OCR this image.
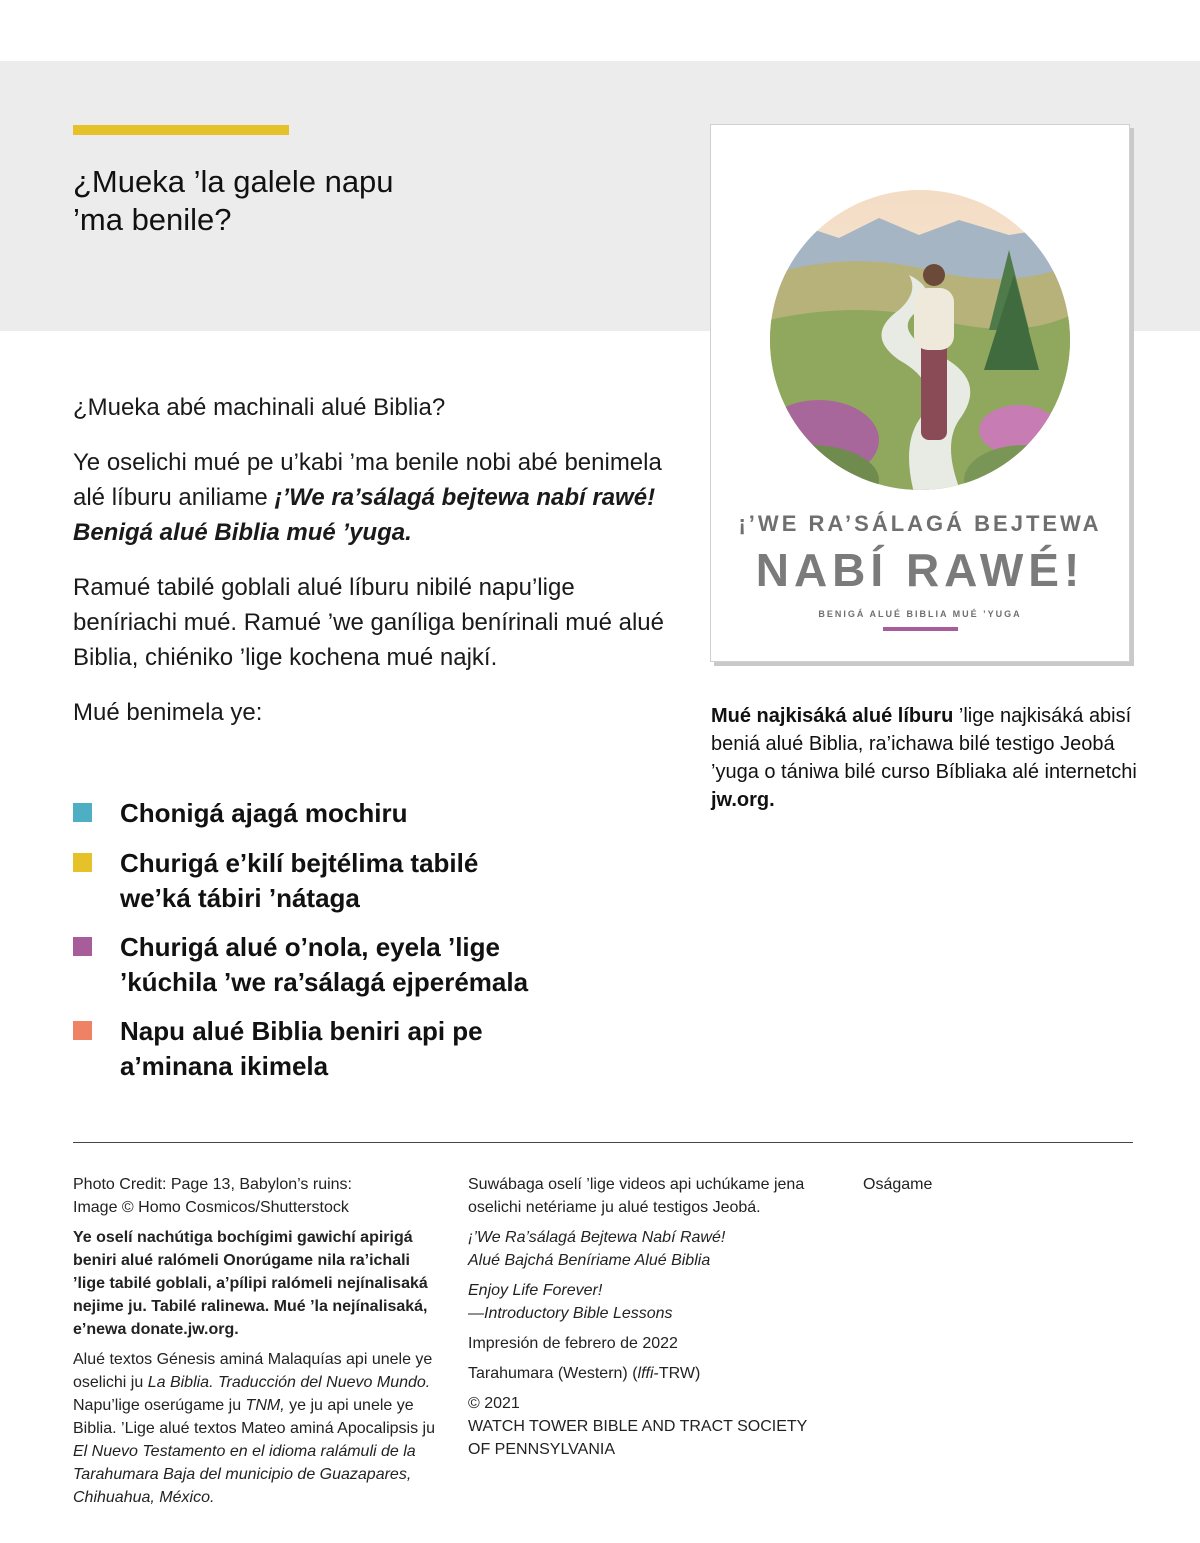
¿Mueka ’la galele napu
’ma benile?

¿Mueka abé machinali alué Biblia?

Ye oselichi mué pe u’kabi ’ma benile nobi abé benimela alé líburu aniliame ¡’We ra’sálagá bejtewa nabí rawé! Benigá alué Biblia mué ’yuga.

Ramué tabilé goblali alué líburu nibilé napu’lige beníriachi mué. Ramué ’we ganíliga benírinali mué alué Biblia, chiéniko ’lige kochena mué najkí.

Mué benimela ye:

Chonigá ajagá mochiru
Churigá e’kilí bejtélima tabilé
we’ká tábiri ’nátaga
Churigá alué o’nola, eyela ’lige
’kúchila ’we ra’sálagá ejperémala
Napu alué Biblia beniri api pe
a’minana ikimela
¡’WE RA’SÁLAGÁ BEJTEWA
NABÍ RAWÉ!
BENIGÁ ALUÉ BIBLIA MUÉ ’YUGA
Mué najkisáká alué líburu ’lige najkisáká abisí beniá alué Biblia, ra’ichawa bilé testigo Jeobá ’yuga o tániwa bilé curso Bíbliaka alé internetchi jw.org.

Photo Credit: Page 13, Babylon’s ruins:
Image © Homo Cosmicos/Shutterstock

Ye oselí nachútiga bochígimi gawichí apirigá beniri alué ralómeli Onorúgame nila ra’ichali ’lige tabilé goblali, a’pílipi ralómeli nejínalisaká nejime ju. Tabilé ralinewa. Mué ’la nejínalisaká, e’newa donate.jw.org.

Alué textos Génesis aminá Malaquías api unele ye oselichi ju La Biblia. Traducción del Nuevo Mundo. Napu’lige oserúgame ju TNM, ye ju api unele ye Biblia. ’Lige alué textos Mateo aminá Apocalipsis ju El Nuevo Testamento en el idioma ralámuli de la Tarahumara Baja del municipio de Guazapares, Chihuahua, México.

Suwábaga oselí ’lige videos api uchúkame jena oselichi netériame ju alué testigos Jeobá.

¡’We Ra’sálagá Bejtewa Nabí Rawé!
Alué Bajchá Beníriame Alué Biblia

Enjoy Life Forever!
—Introductory Bible Lessons

Impresión de febrero de 2022

Tarahumara (Western) (lffi-TRW)

© 2021
WATCH TOWER BIBLE AND TRACT SOCIETY
OF PENNSYLVANIA

Oságame
